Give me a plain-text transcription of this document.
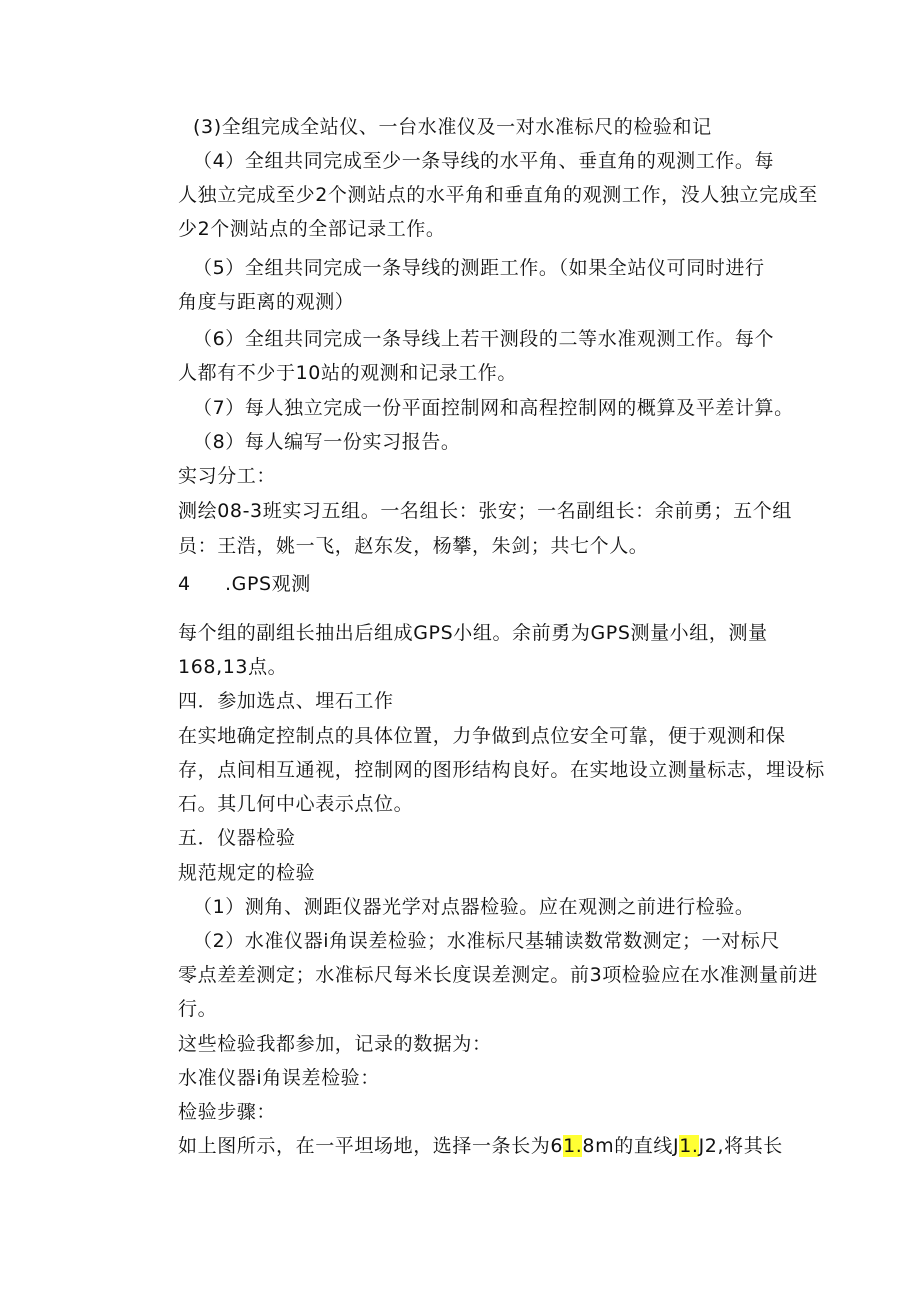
(3)全组完成全站仪、一台水准仪及一对水准标尺的检验和记
（4）全组共同完成至少一条导线的水平角、垂直角的观测工作。每
人独立完成至少2个测站点的水平角和垂直角的观测工作，没人独立完成至
少2个测站点的全部记录工作。
（5）全组共同完成一条导线的测距工作。（如果全站仪可同时进行
角度与距离的观测）
（6）全组共同完成一条导线上若干测段的二等水准观测工作。每个
人都有不少于10站的观测和记录工作。
（7）每人独立完成一份平面控制网和高程控制网的概算及平差计算。
（8）每人编写一份实习报告。
实习分工：
测绘08-3班实习五组。一名组长：张安；一名副组长：余前勇；五个组
员：王浩，姚一飞，赵东发，杨攀，朱剑；共七个人。
4 .GPS观测
每个组的副组长抽出后组成GPS小组。余前勇为GPS测量小组，测量
168,13点。
四．参加选点、埋石工作
在实地确定控制点的具体位置，力争做到点位安全可靠，便于观测和保
存，点间相互通视，控制网的图形结构良好。在实地设立测量标志，埋设标
石。其几何中心表示点位。
五．仪器检验
规范规定的检验
（1）测角、测距仪器光学对点器检验。应在观测之前进行检验。
（2）水准仪器i角误差检验；水准标尺基辅读数常数测定；一对标尺
零点差差测定；水准标尺每米长度误差测定。前3项检验应在水准测量前进
行。
这些检验我都参加，记录的数据为：
水准仪器i角误差检验：
检验步骤：
如上图所示，在一平坦场地，选择一条长为61.8m的直线J1.J2,将其长
